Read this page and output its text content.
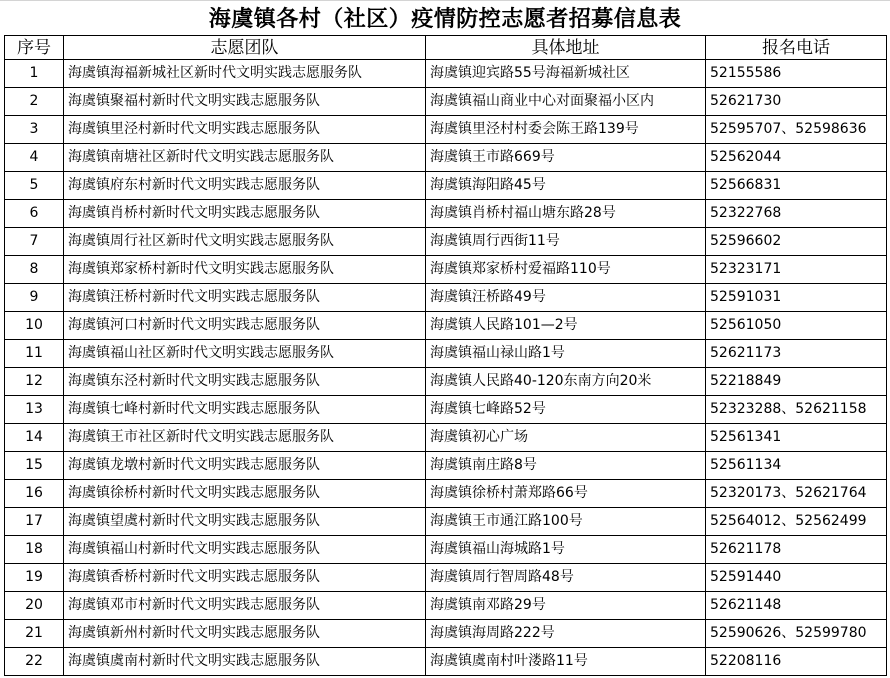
海虞镇各村（社区）疫情防控志愿者招募信息表
序号	志愿团队	具体地址	报名电话
1	海虞镇海福新城社区新时代文明实践志愿服务队	海虞镇迎宾路55号海福新城社区	52155586
2	海虞镇聚福村新时代文明实践志愿服务队	海虞镇福山商业中心对面聚福小区内	52621730
3	海虞镇里泾村新时代文明实践志愿服务队	海虞镇里泾村村委会陈王路139号	52595707、52598636
4	海虞镇南塘社区新时代文明实践志愿服务队	海虞镇王市路669号	52562044
5	海虞镇府东村新时代文明实践志愿服务队	海虞镇海阳路45号	52566831
6	海虞镇肖桥村新时代文明实践志愿服务队	海虞镇肖桥村福山塘东路28号	52322768
7	海虞镇周行社区新时代文明实践志愿服务队	海虞镇周行西街11号	52596602
8	海虞镇郑家桥村新时代文明实践志愿服务队	海虞镇郑家桥村爱福路110号	52323171
9	海虞镇汪桥村新时代文明实践志愿服务队	海虞镇汪桥路49号	52591031
10	海虞镇河口村新时代文明实践志愿服务队	海虞镇人民路101—2号	52561050
11	海虞镇福山社区新时代文明实践志愿服务队	海虞镇福山禄山路1号	52621173
12	海虞镇东泾村新时代文明实践志愿服务队	海虞镇人民路40-120东南方向20米	52218849
13	海虞镇七峰村新时代文明实践志愿服务队	海虞镇七峰路52号	52323288、52621158
14	海虞镇王市社区新时代文明实践志愿服务队	海虞镇初心广场	52561341
15	海虞镇龙墩村新时代文明实践志愿服务队	海虞镇南庄路8号	52561134
16	海虞镇徐桥村新时代文明实践志愿服务队	海虞镇徐桥村萧郑路66号	52320173、52621764
17	海虞镇望虞村新时代文明实践志愿服务队	海虞镇王市通江路100号	52564012、52562499
18	海虞镇福山村新时代文明实践志愿服务队	海虞镇福山海城路1号	52621178
19	海虞镇香桥村新时代文明实践志愿服务队	海虞镇周行智周路48号	52591440
20	海虞镇邓市村新时代文明实践志愿服务队	海虞镇南邓路29号	52621148
21	海虞镇新州村新时代文明实践志愿服务队	海虞镇海周路222号	52590626、52599780
22	海虞镇虞南村新时代文明实践志愿服务队	海虞镇虞南村叶溇路11号	52208116
